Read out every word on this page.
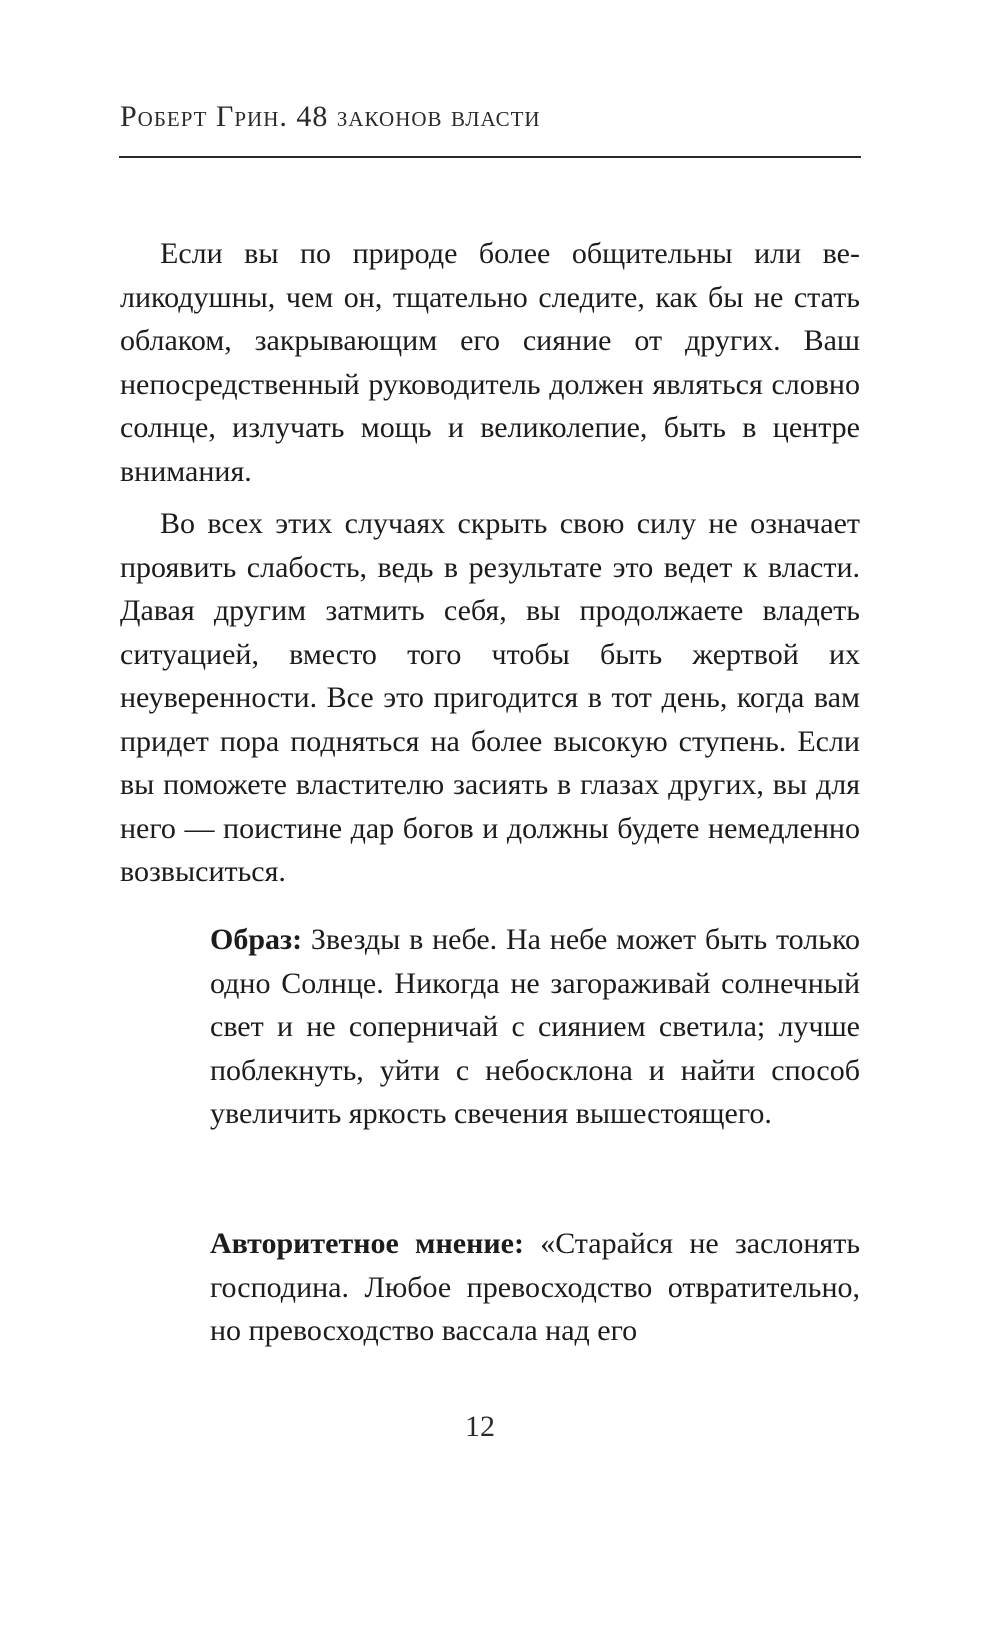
Роберт Грин. 48 законов власти

Если вы по природе более общительны или великодушны, чем он, тщательно следите, как бы не стать облаком, закрывающим его сияние от других. Ваш непосредственный руководитель должен являться словно солнце, излучать мощь и великолепие, быть в центре внимания.

Во всех этих случаях скрыть свою силу не означает проявить слабость, ведь в результате это ведет к власти. Давая другим затмить себя, вы продолжаете владеть ситуацией, вместо того чтобы быть жертвой их неуверенности. Все это пригодится в тот день, когда вам придет пора подняться на более высокую ступень. Если вы поможете властителю засиять в глазах других, вы для него — поистине дар богов и должны будете немедленно возвыситься.

Образ: Звезды в небе. На небе может быть только одно Солнце. Никогда не загораживай солнечный свет и не соперничай с сиянием светила; лучше поблекнуть, уйти с небосклона и найти способ увеличить яркость свечения вышестоящего.

Авторитетное мнение: «Старайся не заслонять господина. Любое превосходство отвратительно, но превосходство вассала над его

12
